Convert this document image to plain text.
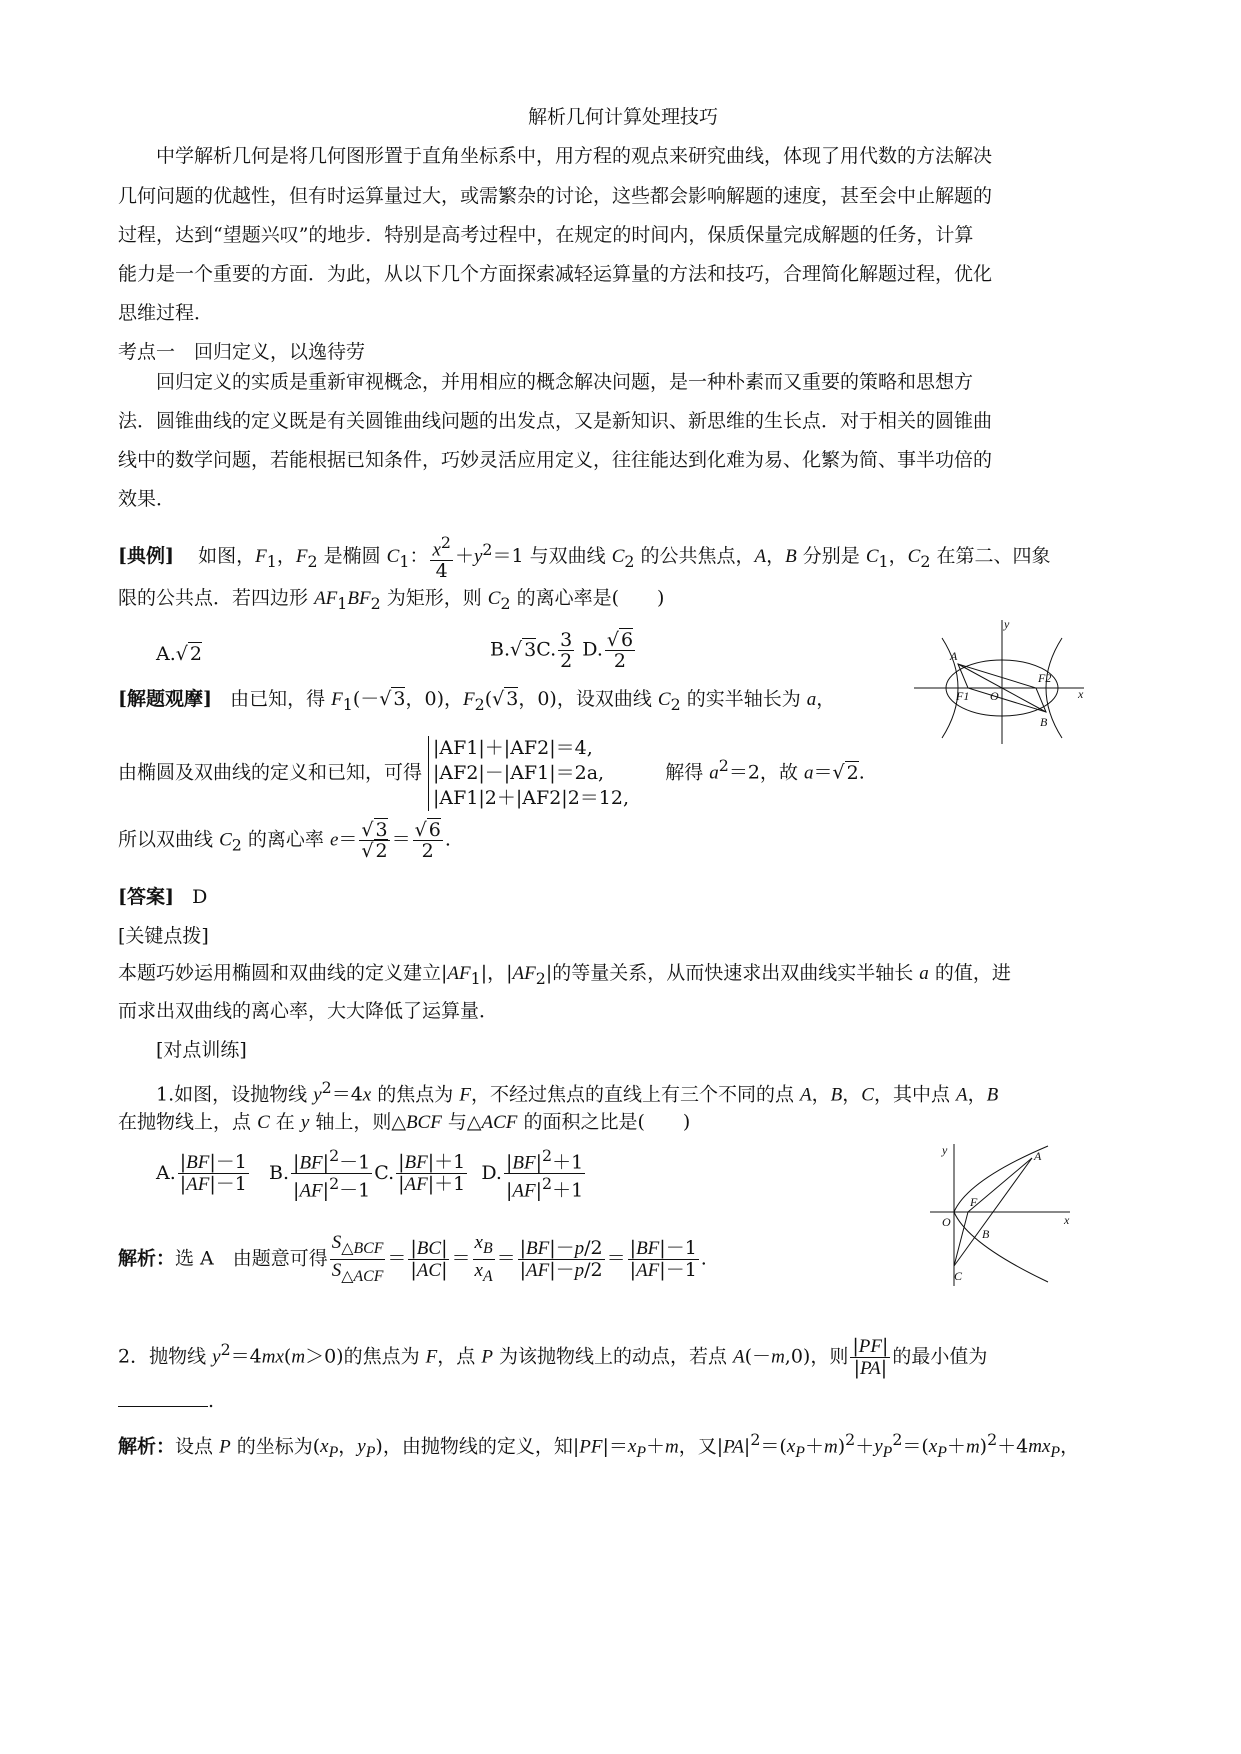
解析几何计算处理技巧
中学解析几何是将几何图形置于直角坐标系中，用方程的观点来研究曲线，体现了用代数的方法解决
几何问题的优越性，但有时运算量过大，或需繁杂的讨论，这些都会影响解题的速度，甚至会中止解题的
过程，达到“望题兴叹”的地步．特别是高考过程中，在规定的时间内，保质保量完成解题的任务，计算
能力是一个重要的方面．为此，从以下几个方面探索减轻运算量的方法和技巧，合理简化解题过程，优化
思维过程．
考点一　回归定义，以逸待劳
回归定义的实质是重新审视概念，并用相应的概念解决问题，是一种朴素而又重要的策略和思想方
法．圆锥曲线的定义既是有关圆锥曲线问题的出发点，又是新知识、新思维的生长点．对于相关的圆锥曲
线中的数学问题，若能根据已知条件，巧妙灵活应用定义，往往能达到化难为易、化繁为简、事半功倍的
效果．
[典例] 如图，$F_1$，$F_2$ 是椭圆 $C_1$： $\frac{x^2}{4} +y^2=1$ 与双曲线 $C_2$ 的公共焦点，A，B 分别是 $C_1$，$C_2$ 在第二、四象
限的公共点．若四边形 $AF_1BF_2$ 为矩形，则 $C_2$ 的离心率是(　　)
A.√ 2	B.√ 3C. $\frac{3}{2} D$. $\frac{√ 6}{2}$
[解题观摩] 由已知，得 $F_1(-√$ 3，0)，$F_2(√$ 3，0)，设双曲线 $C_2$ 的实半轴长为 a，
由椭圆及双曲线的定义和已知，可得
|AF1|＋|AF2|＝4,
|AF2|－|AF1|＝2a,
|AF1|2＋|AF2|2＝12,
解得 $a^2=2$，故 a＝√ 2.
所以双曲线 $C_2$ 的离心率 $e= \frac{√ 3}{√ 2} = \frac{√ 6}{2}$ .
[答案] D
[关键点拨]
本题巧妙运用椭圆和双曲线的定义建立$|AF_1|$，$|AF_2|$的等量关系，从而快速求出双曲线实半轴长 a 的值，进
而求出双曲线的离心率，大大降低了运算量．
[对点训练]
1.如图，设抛物线 $y^2=4x$ 的焦点为 F，不经过焦点的直线上有三个不同的点 A，B，C，其中点 A，B
在抛物线上，点 C 在 y 轴上，则△BCF 与△ACF 的面积之比是(　　)
A. $\frac{|BF|-1}{|AF|-1} B$. $\frac{|BF|^2-1}{|AF|^2-1} C$. $\frac{|BF|+1}{|AF|+1} D$. $\frac{|BF|^2+1}{|AF|^2+1}$
解析：选 A　由题意可得 $\frac{S_{\triangle BCF}}{S_{\triangle ACF}} = \frac{|BC|}{|AC|} = \frac{x_B}{x_A} = \frac{|BF|-p/2}{|AF|-p/2} = \frac{|BF|-1}{|AF|-1}$ .
2．抛物线 $y^2=4mx(m>0)$的焦点为 F，点 P 为该抛物线上的动点，若点 A(－m,0)，则 $\frac{|PF|}{|PA|}$ 的最小值为
.
解析：设点 P 的坐标为($x_P$，$y_P$)，由抛物线的定义，知$|PF|=x_P+m$，又$|PA|^2=(x_P+m)^2+y_P^2=(x_P+m)^2+4mx_P$，
y
A
F1 O
F2
B
x
y	A
O
F
B
C
x
